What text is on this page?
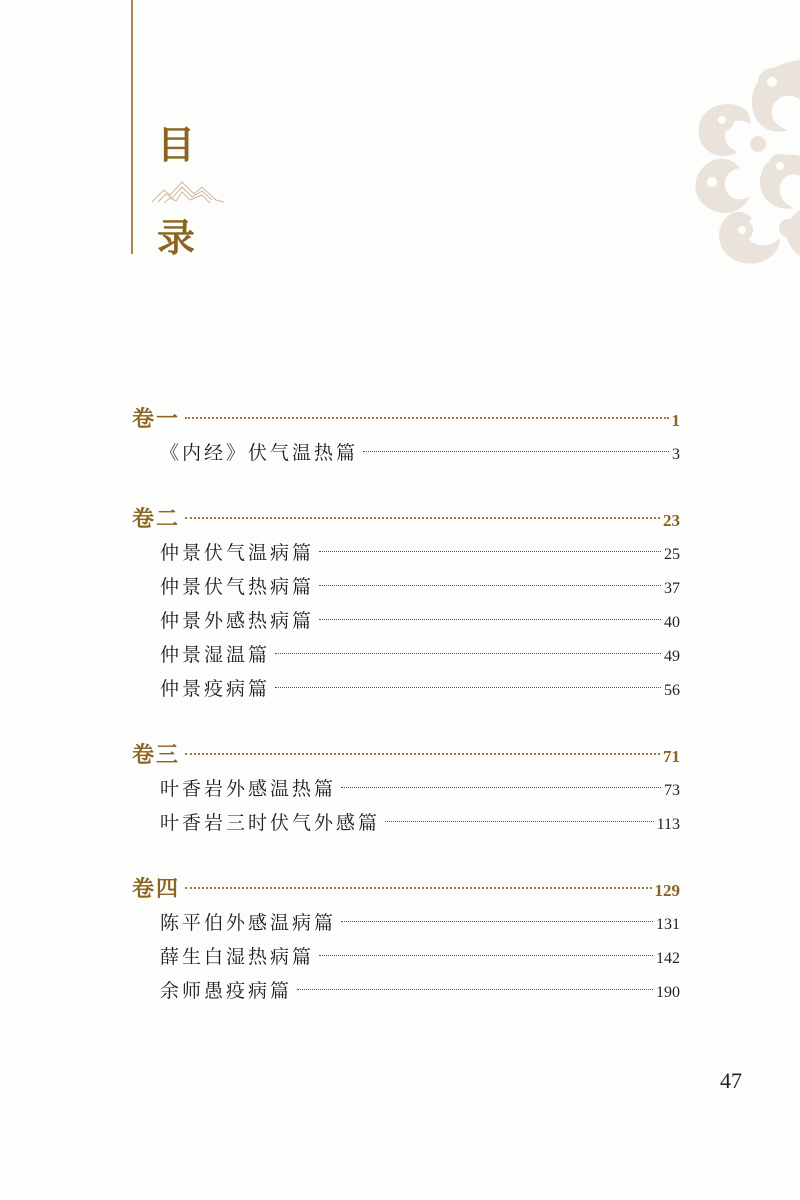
目
录
卷一	1
《内经》伏气温热篇	3
卷二	23
仲景伏气温病篇	25
仲景伏气热病篇	37
仲景外感热病篇	40
仲景湿温篇	49
仲景疫病篇	56
卷三	71
叶香岩外感温热篇	73
叶香岩三时伏气外感篇	113
卷四	129
陈平伯外感温病篇	131
薛生白湿热病篇	142
余师愚疫病篇	190
47
